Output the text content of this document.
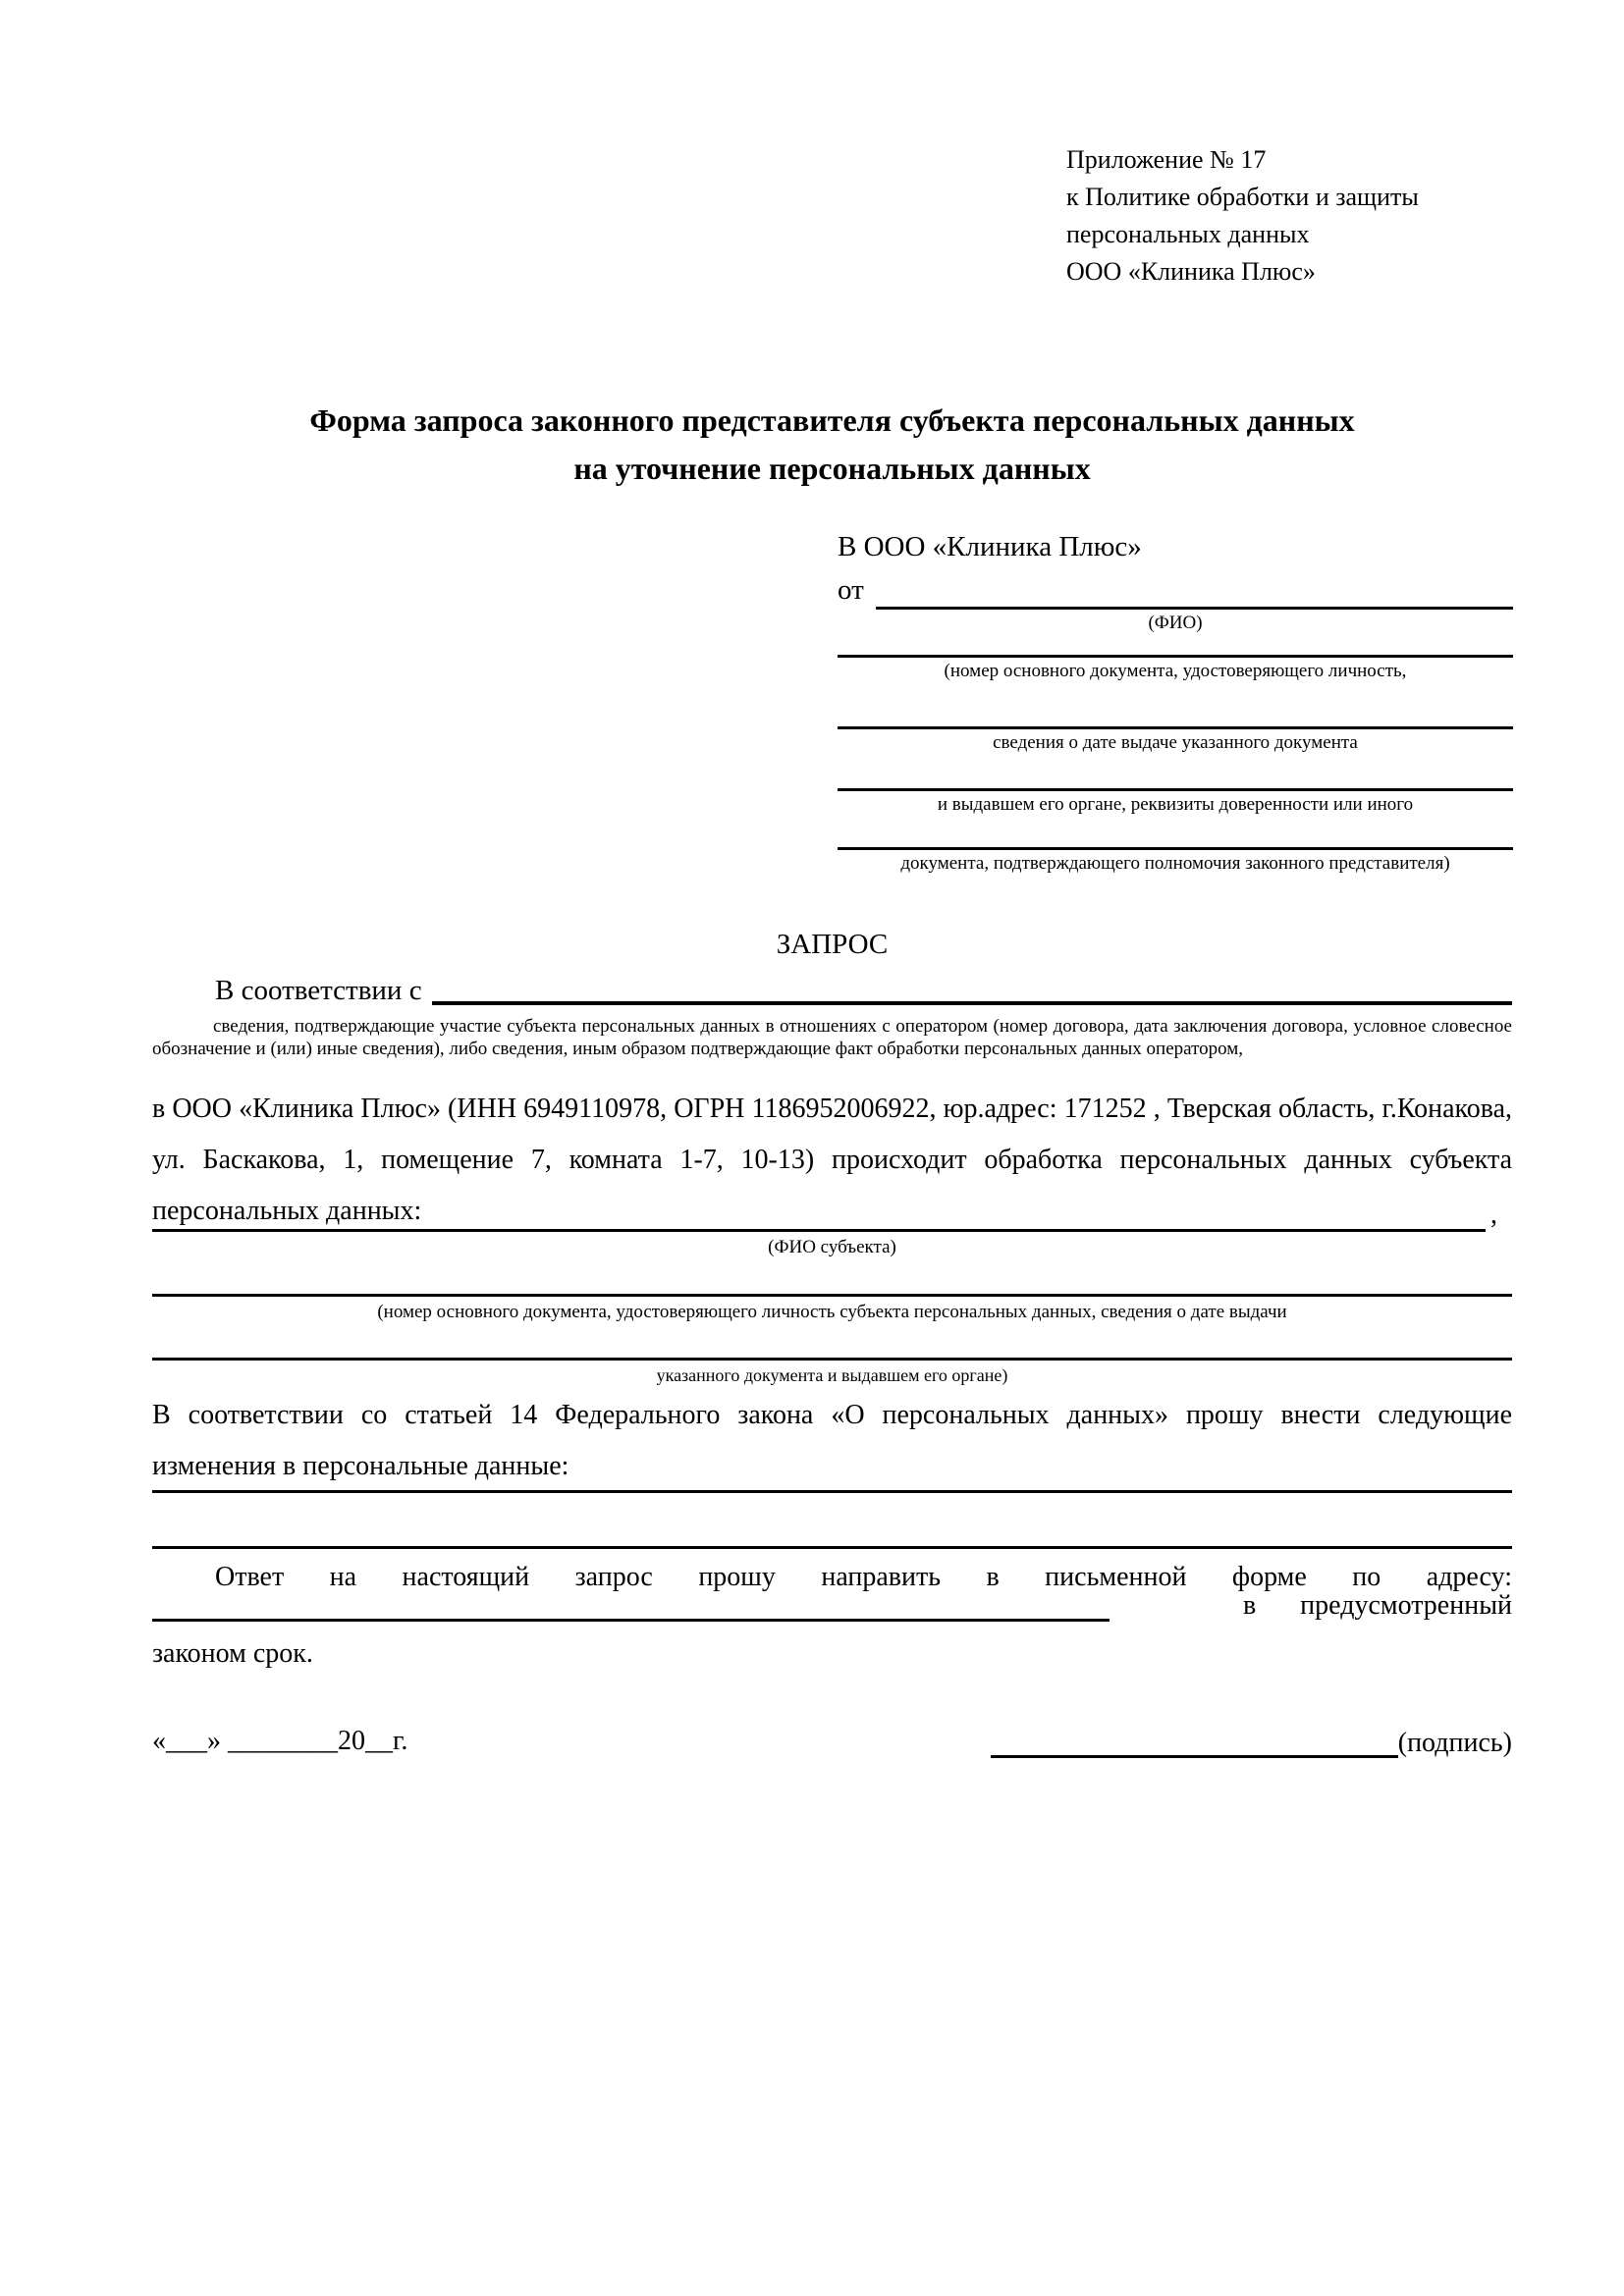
Приложение № 17
к Политике обработки и защиты
персональных данных
ООО «Клиника Плюс»
Форма запроса законного представителя субъекта персональных данных
на уточнение персональных данных
В ООО «Клиника Плюс»
от
(ФИО)
(номер основного документа, удостоверяющего личность,
сведения о дате выдаче указанного документа
и выдавшем его органе, реквизиты доверенности или иного
документа, подтверждающего полномочия законного представителя)
ЗАПРОС
В соответствии с
сведения, подтверждающие участие субъекта персональных данных в отношениях с оператором (номер договора, дата заключения договора, условное словесное обозначение и (или) иные сведения), либо сведения, иным образом подтверждающие факт обработки персональных данных оператором,
в ООО «Клиника Плюс» (ИНН 6949110978, ОГРН 1186952006922, юр.адрес: 171252 , Тверская область, г.Конакова, ул. Баскакова, 1, помещение 7, комната 1-7, 10-13) происходит обработка персональных данных субъекта персональных данных:	,
(ФИО субъекта)
(номер основного документа, удостоверяющего личность субъекта персональных данных, сведения о дате выдачи
указанного документа и выдавшем его органе)
В соответствии со статьей 14 Федерального закона «О персональных данных» прошу внести следующие изменения в персональные данные:
Ответ на настоящий запрос прошу направить в письменной форме по адресу:
в предусмотренный
законом срок.
«___» ________20__г.	(подпись)
